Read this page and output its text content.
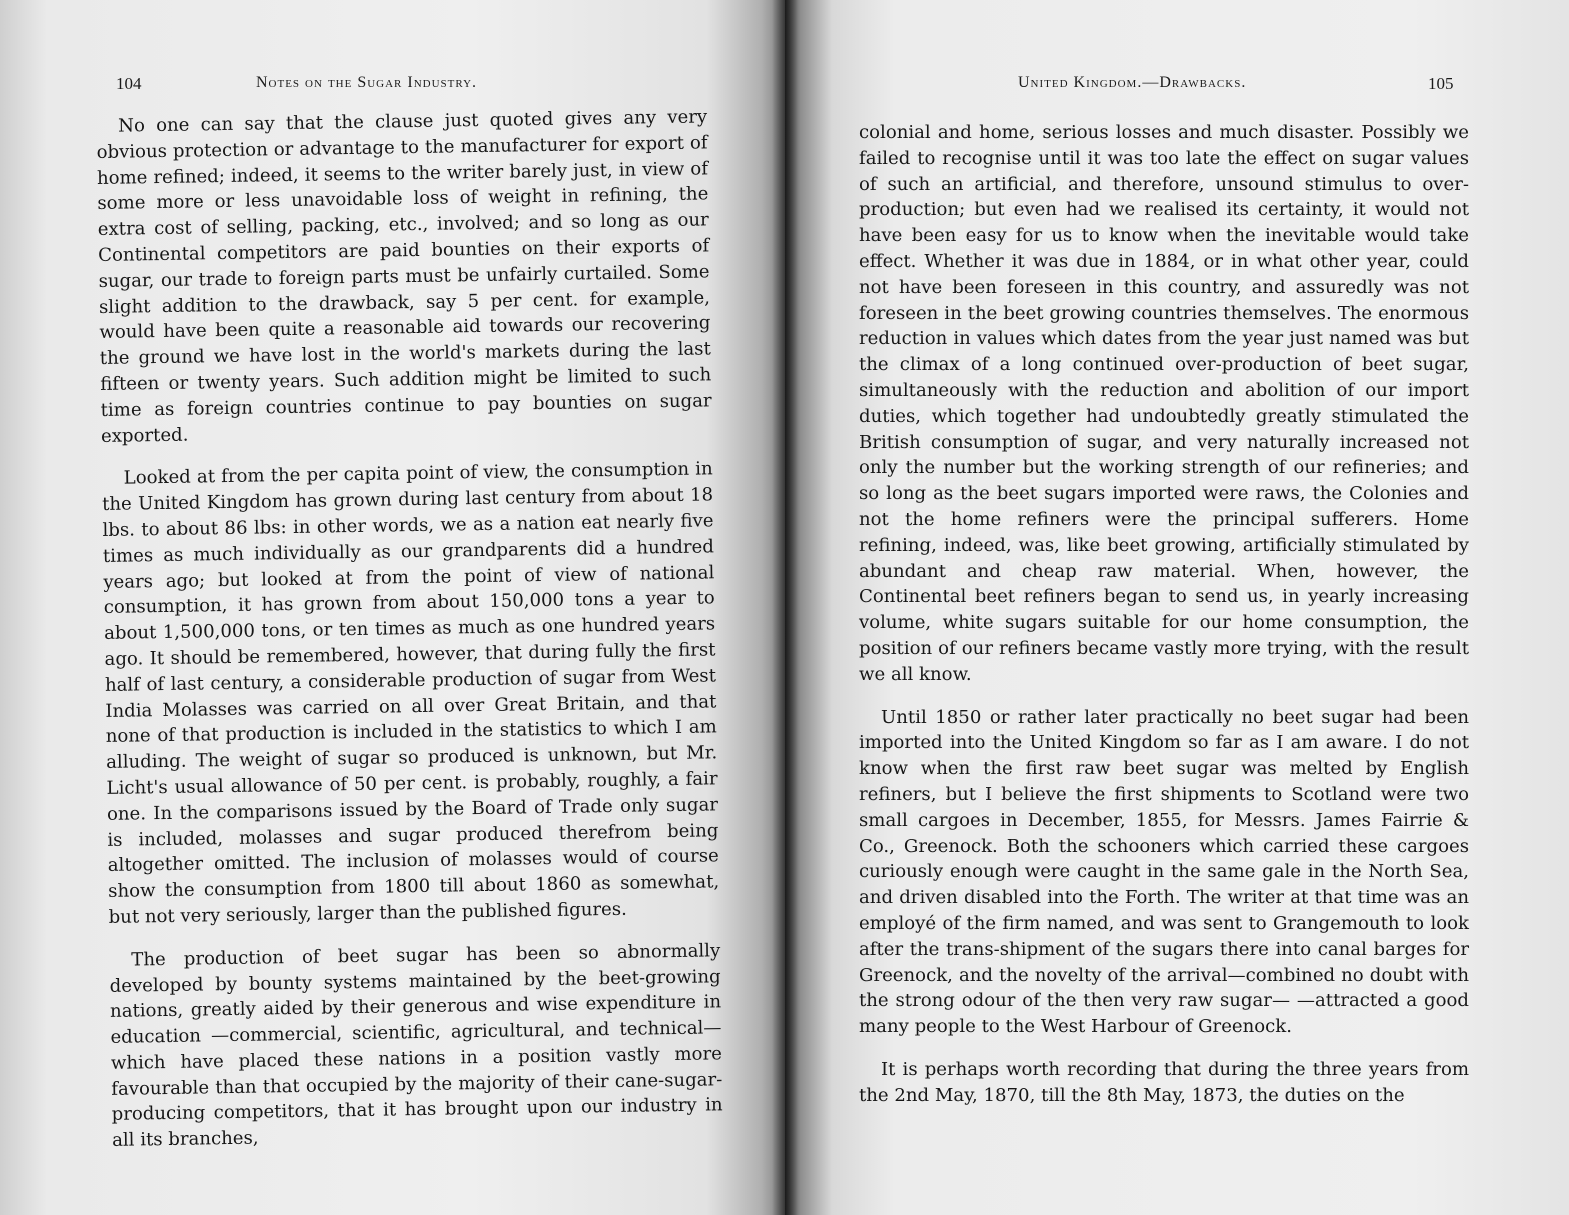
104	Notes on the Sugar Industry.

No one can say that the clause just quoted gives any very obvious protection or advantage to the manufacturer for export of home refined; indeed, it seems to the writer barely just, in view of some more or less unavoidable loss of weight in refining, the extra cost of selling, packing, etc., involved; and so long as our Continental competitors are paid bounties on their exports of sugar, our trade to foreign parts must be unfairly curtailed. Some slight addition to the drawback, say 5 per cent. for example, would have been quite a reasonable aid towards our recovering the ground we have lost in the world's markets during the last fifteen or twenty years. Such addition might be limited to such time as foreign countries continue to pay bounties on sugar exported.

Looked at from the per capita point of view, the consumption in the United Kingdom has grown during last century from about 18 lbs. to about 86 lbs: in other words, we as a nation eat nearly five times as much individually as our grandparents did a hundred years ago; but looked at from the point of view of national consumption, it has grown from about 150,000 tons a year to about 1,500,000 tons, or ten times as much as one hundred years ago. It should be remembered, however, that during fully the first half of last century, a considerable production of sugar from West India Molasses was carried on all over Great Britain, and that none of that production is included in the statistics to which I am alluding. The weight of sugar so produced is unknown, but Mr. Licht's usual allowance of 50 per cent. is probably, roughly, a fair one. In the comparisons issued by the Board of Trade only sugar is included, molasses and sugar produced therefrom being altogether omitted. The inclusion of molasses would of course show the consumption from 1800 till about 1860 as somewhat, but not very seriously, larger than the published figures.

The production of beet sugar has been so abnormally developed by bounty systems maintained by the beet-growing nations, greatly aided by their generous and wise expenditure in education —commercial, scientific, agricultural, and technical—which have placed these nations in a position vastly more favourable than that occupied by the majority of their cane-sugar-producing competitors, that it has brought upon our industry in all its branches,

United Kingdom.—Drawbacks.	105

colonial and home, serious losses and much disaster. Possibly we failed to recognise until it was too late the effect on sugar values of such an artificial, and therefore, unsound stimulus to over-production; but even had we realised its certainty, it would not have been easy for us to know when the inevitable would take effect. Whether it was due in 1884, or in what other year, could not have been foreseen in this country, and assuredly was not foreseen in the beet growing countries themselves. The enormous reduction in values which dates from the year just named was but the climax of a long continued over-production of beet sugar, simultaneously with the reduction and abolition of our import duties, which together had undoubtedly greatly stimulated the British consumption of sugar, and very naturally increased not only the number but the working strength of our refineries; and so long as the beet sugars imported were raws, the Colonies and not the home refiners were the principal sufferers. Home refining, indeed, was, like beet growing, artificially stimulated by abundant and cheap raw material. When, however, the Continental beet refiners began to send us, in yearly increasing volume, white sugars suitable for our home consumption, the position of our refiners became vastly more trying, with the result we all know.

Until 1850 or rather later practically no beet sugar had been imported into the United Kingdom so far as I am aware. I do not know when the first raw beet sugar was melted by English refiners, but I believe the first shipments to Scotland were two small cargoes in December, 1855, for Messrs. James Fairrie & Co., Greenock. Both the schooners which carried these cargoes curiously enough were caught in the same gale in the North Sea, and driven disabled into the Forth. The writer at that time was an employé of the firm named, and was sent to Grangemouth to look after the trans-shipment of the sugars there into canal barges for Greenock, and the novelty of the arrival—combined no doubt with the strong odour of the then very raw sugar— —attracted a good many people to the West Harbour of Greenock.

It is perhaps worth recording that during the three years from the 2nd May, 1870, till the 8th May, 1873, the duties on the
